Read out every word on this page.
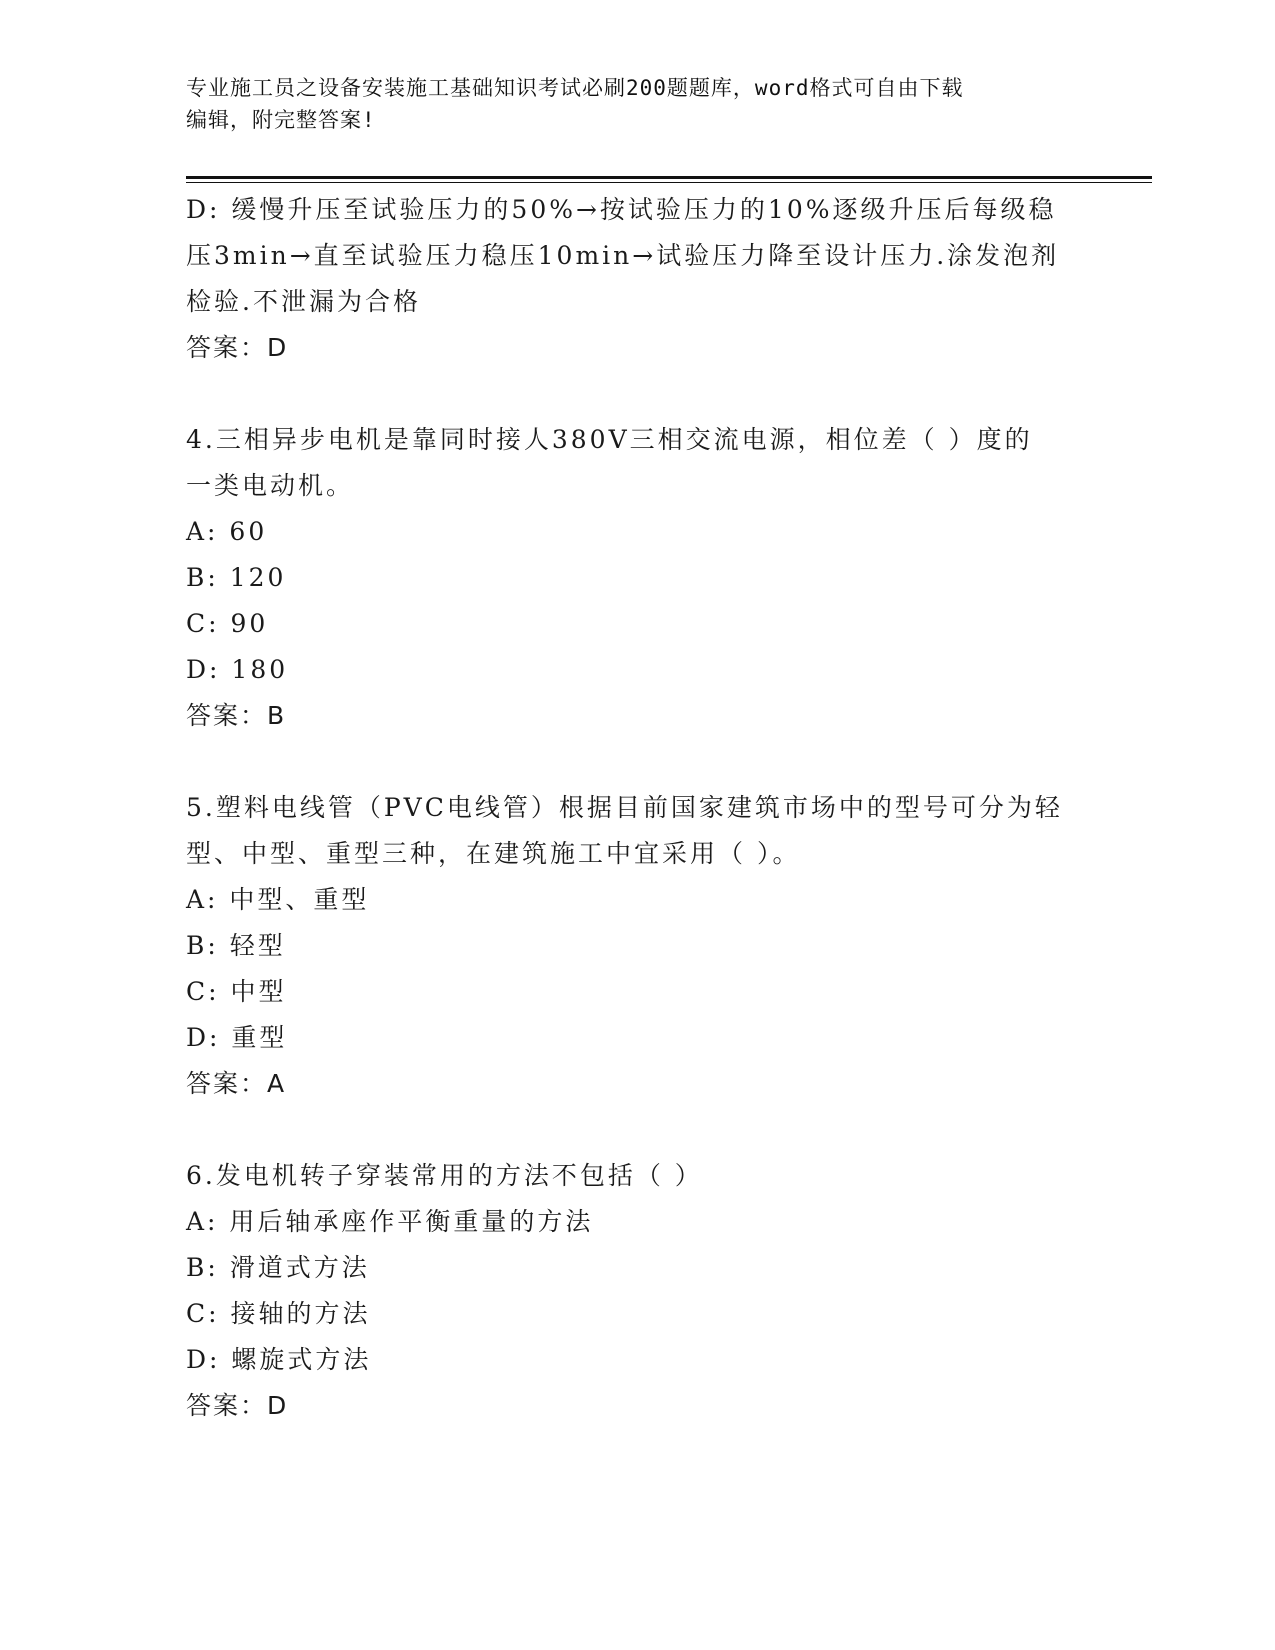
专业施工员之设备安装施工基础知识考试必刷200题题库，word格式可自由下载
编辑，附完整答案!

D: 缓慢升压至试验压力的50%→按试验压力的10%逐级升压后每级稳

压3min→直至试验压力稳压10min→试验压力降至设计压力.涂发泡剂

检验.不泄漏为合格

答案：D

4.三相异步电机是靠同时接人380V三相交流电源，相位差（ ）度的

一类电动机。

A: 60

B: 120

C: 90

D: 180

答案：B

5.塑料电线管（PVC电线管）根据目前国家建筑市场中的型号可分为轻

型、中型、重型三种，在建筑施工中宜采用（ ）。

A: 中型、重型

B: 轻型

C: 中型

D: 重型

答案：A

6.发电机转子穿装常用的方法不包括（ ）

A: 用后轴承座作平衡重量的方法

B: 滑道式方法

C: 接轴的方法

D: 螺旋式方法

答案：D
